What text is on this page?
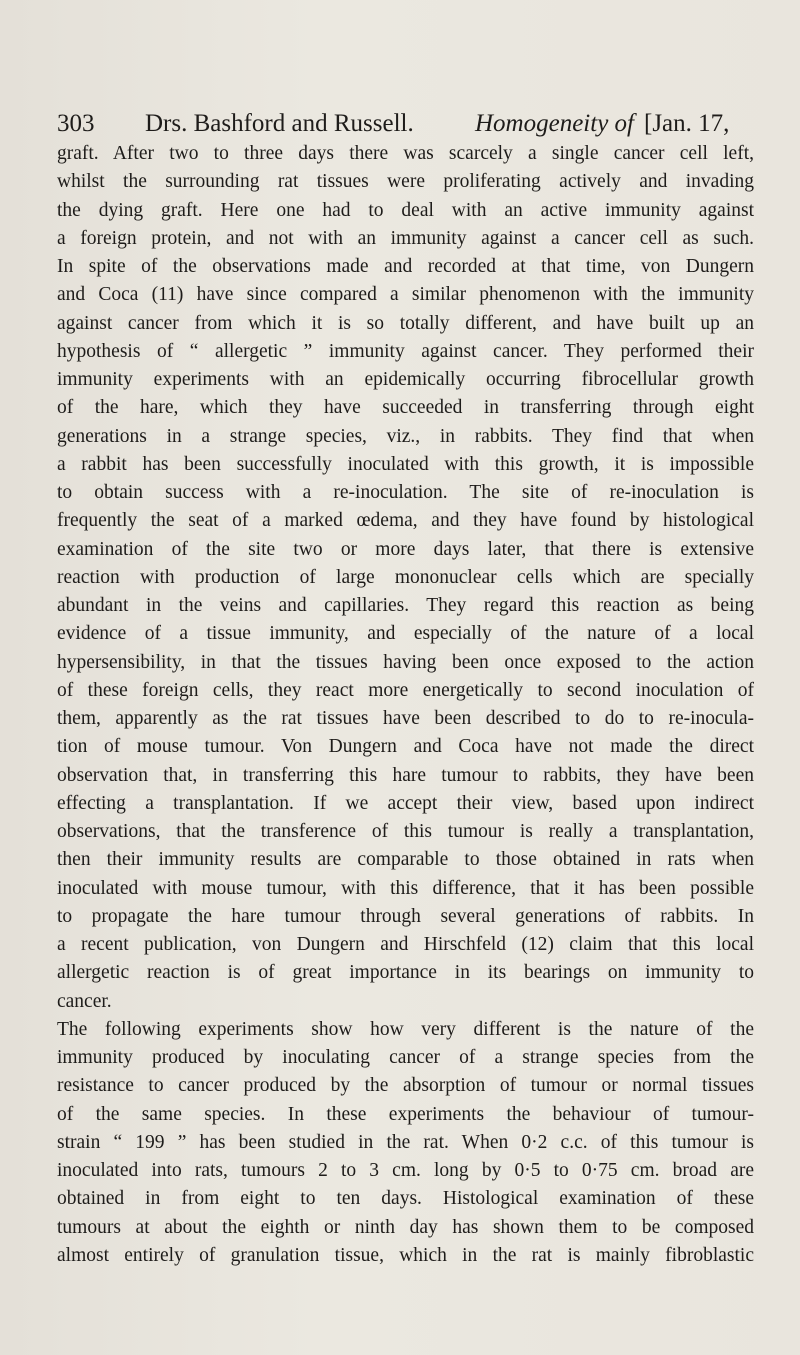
303 Drs. Bashford and Russell. Homogeneity of [Jan. 17,
graft. After two to three days there was scarcely a single cancer cell left,
whilst the surrounding rat tissues were proliferating actively and invading
the dying graft. Here one had to deal with an active immunity against
a foreign protein, and not with an immunity against a cancer cell as such.
In spite of the observations made and recorded at that time, von Dungern
and Coca (11) have since compared a similar phenomenon with the immunity
against cancer from which it is so totally different, and have built up an
hypothesis of “ allergetic ” immunity against cancer. They performed their
immunity experiments with an epidemically occurring fibrocellular growth
of the hare, which they have succeeded in transferring through eight
generations in a strange species, viz., in rabbits. They find that when
a rabbit has been successfully inoculated with this growth, it is impossible
to obtain success with a re-inoculation. The site of re-inoculation is
frequently the seat of a marked œdema, and they have found by histological
examination of the site two or more days later, that there is extensive
reaction with production of large mononuclear cells which are specially
abundant in the veins and capillaries. They regard this reaction as being
evidence of a tissue immunity, and especially of the nature of a local
hypersensibility, in that the tissues having been once exposed to the action
of these foreign cells, they react more energetically to second inoculation of
them, apparently as the rat tissues have been described to do to re-inocula-
tion of mouse tumour. Von Dungern and Coca have not made the direct
observation that, in transferring this hare tumour to rabbits, they have been
effecting a transplantation. If we accept their view, based upon indirect
observations, that the transference of this tumour is really a transplantation,
then their immunity results are comparable to those obtained in rats when
inoculated with mouse tumour, with this difference, that it has been possible
to propagate the hare tumour through several generations of rabbits. In
a recent publication, von Dungern and Hirschfeld (12) claim that this local
allergetic reaction is of great importance in its bearings on immunity to
cancer.
The following experiments show how very different is the nature of the
immunity produced by inoculating cancer of a strange species from the
resistance to cancer produced by the absorption of tumour or normal tissues
of the same species. In these experiments the behaviour of tumour-
strain “ 199 ” has been studied in the rat. When 0·2 c.c. of this tumour is
inoculated into rats, tumours 2 to 3 cm. long by 0·5 to 0·75 cm. broad are
obtained in from eight to ten days. Histological examination of these
tumours at about the eighth or ninth day has shown them to be composed
almost entirely of granulation tissue, which in the rat is mainly fibroblastic
